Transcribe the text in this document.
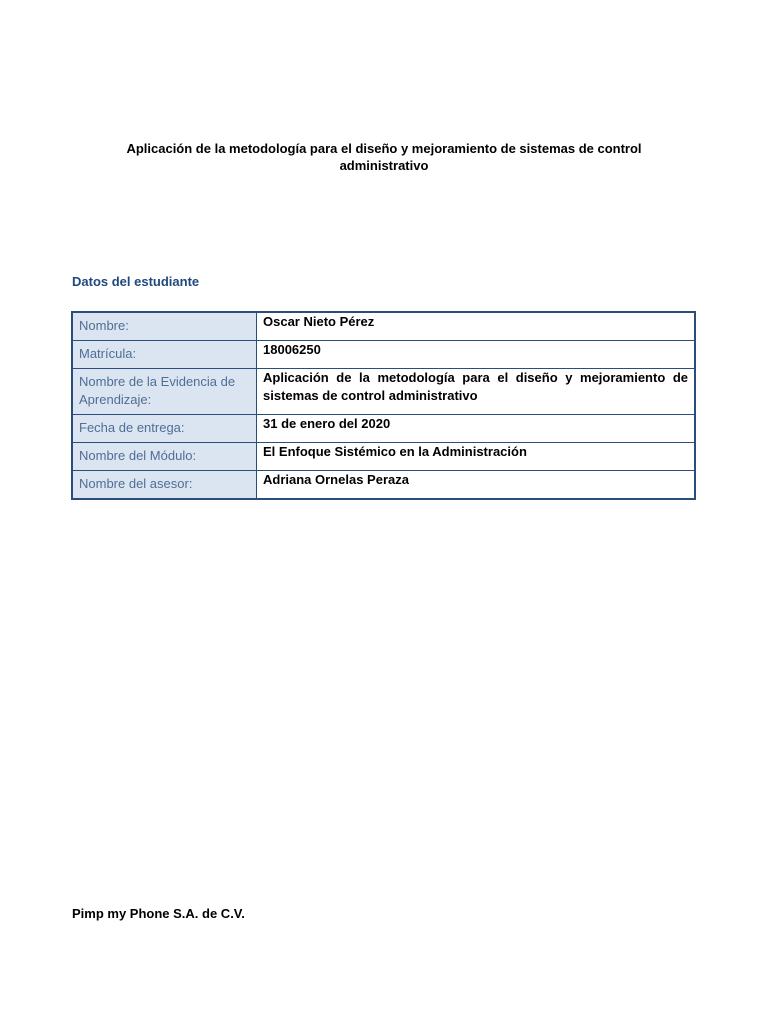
Aplicación de la metodología para el diseño y mejoramiento de sistemas de control administrativo
Datos del estudiante
Nombre:	Oscar Nieto Pérez
Matrícula:	18006250
Nombre de la Evidencia de Aprendizaje:	Aplicación de la metodología para el diseño y mejoramiento de sistemas de control administrativo
Fecha de entrega:	31 de enero del 2020
Nombre del Módulo:	El Enfoque Sistémico en la Administración
Nombre del asesor:	Adriana Ornelas Peraza
Pimp my Phone S.A. de C.V.
